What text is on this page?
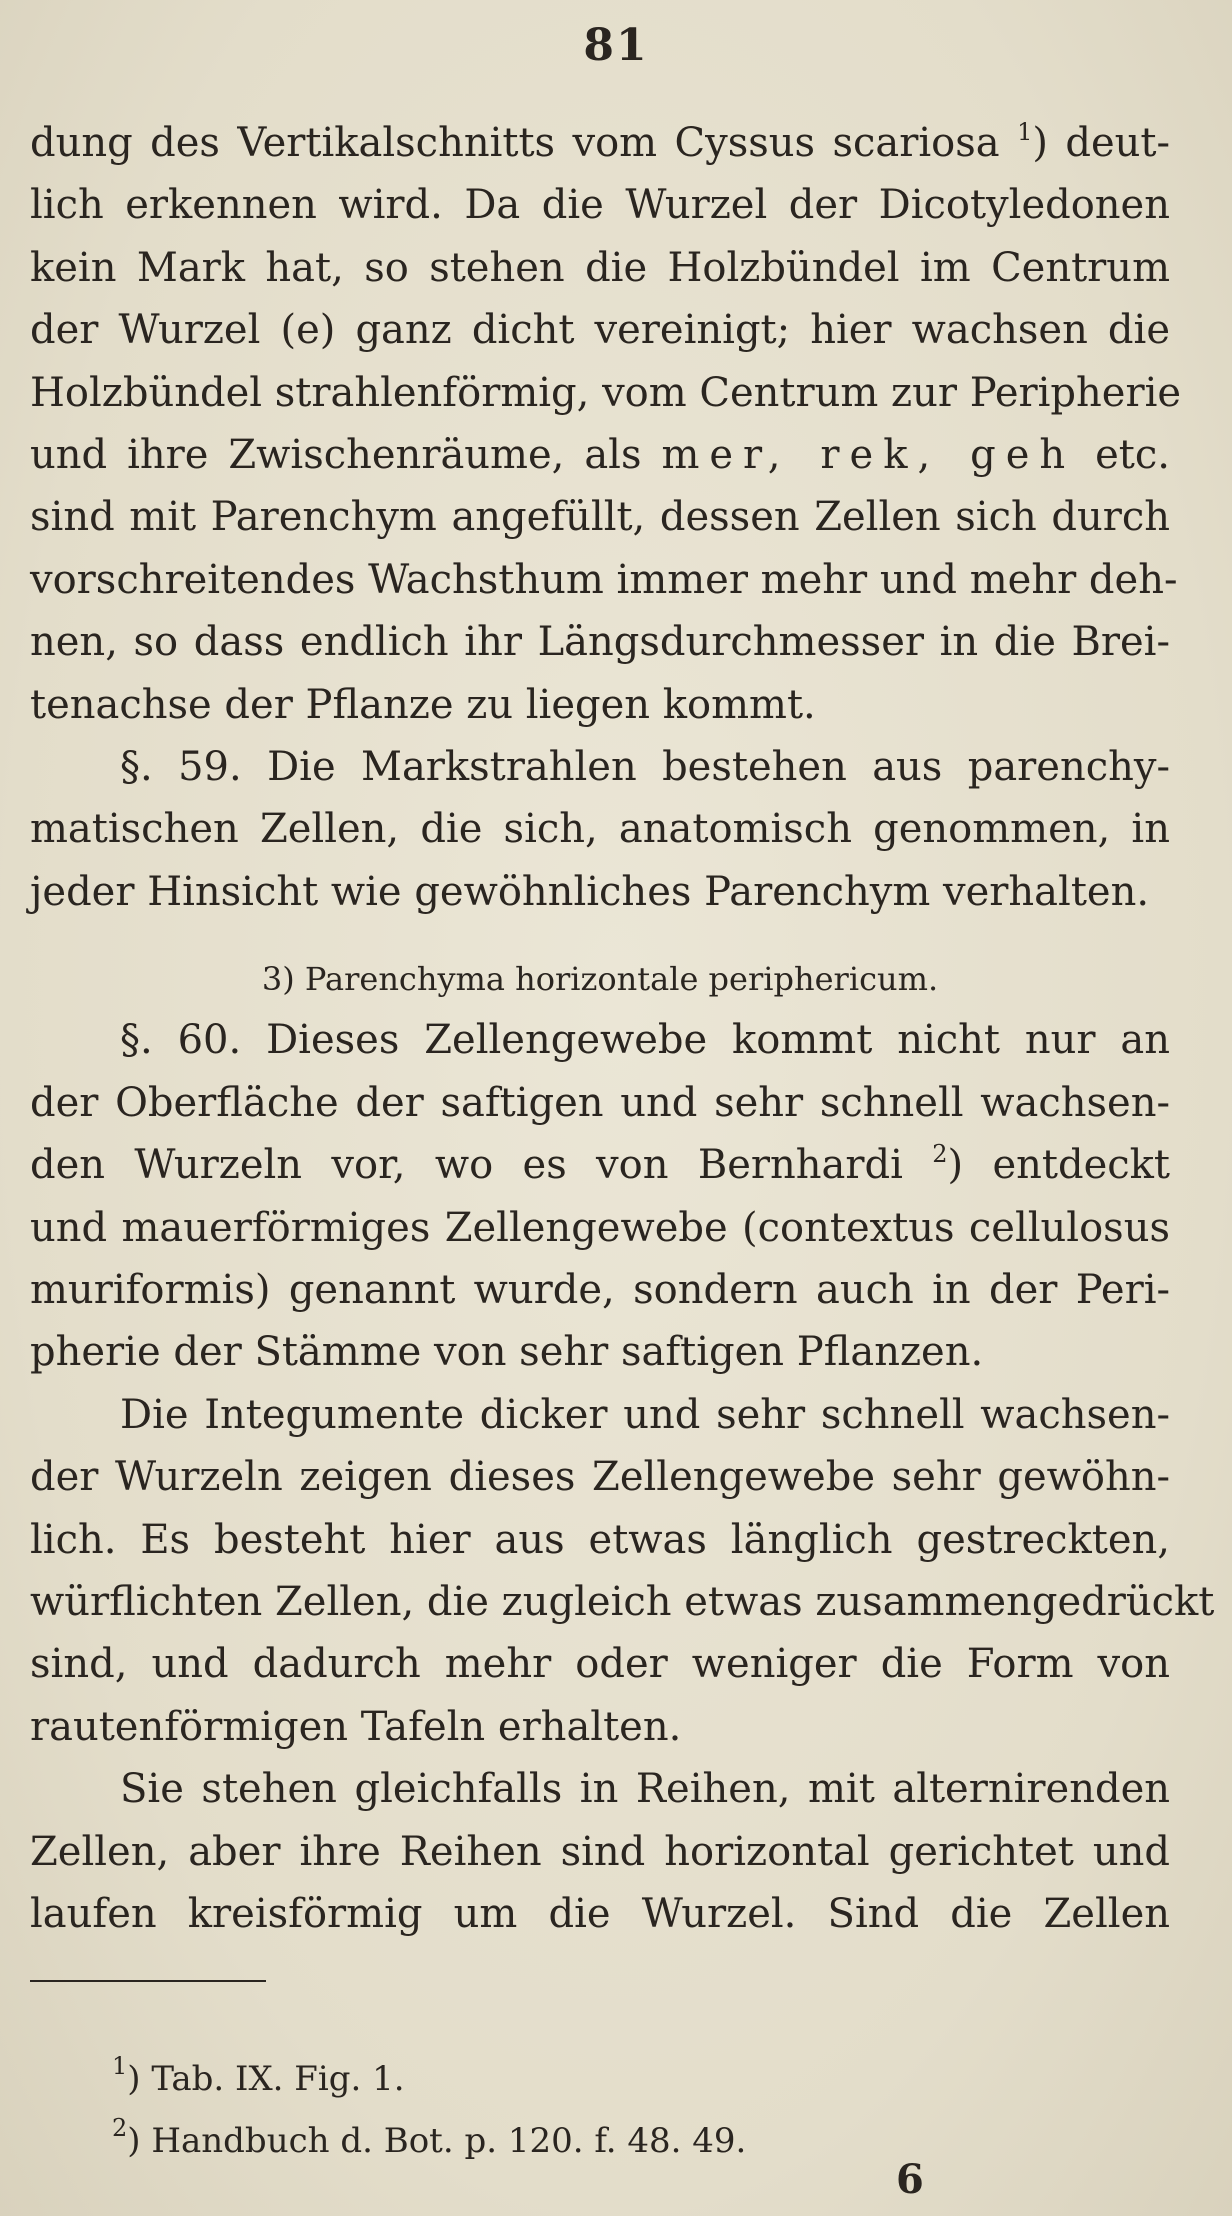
81
dung des Vertikalschnitts vom Cyssus scariosa $^1$) deut-
lich erkennen wird. Da die Wurzel der Dicotyledonen
kein Mark hat, so stehen die Holzbündel im Centrum
der Wurzel (e) ganz dicht vereinigt; hier wachsen die
Holzbündel strahlenförmig, vom Centrum zur Peripherie
und ihre Zwischenräume, als mer, rek, geh etc.
sind mit Parenchym angefüllt, dessen Zellen sich durch
vorschreitendes Wachsthum immer mehr und mehr deh-
nen, so dass endlich ihr Längsdurchmesser in die Brei-
tenachse der Pflanze zu liegen kommt.
§. 59. Die Markstrahlen bestehen aus parenchy-
matischen Zellen, die sich, anatomisch genommen, in
jeder Hinsicht wie gewöhnliches Parenchym verhalten.
3) Parenchyma horizontale periphericum.
§. 60. Dieses Zellengewebe kommt nicht nur an
der Oberfläche der saftigen und sehr schnell wachsen-
den Wurzeln vor, wo es von Bernhardi $^2$) entdeckt
und mauerförmiges Zellengewebe (contextus cellulosus
muriformis) genannt wurde, sondern auch in der Peri-
pherie der Stämme von sehr saftigen Pflanzen.
Die Integumente dicker und sehr schnell wachsen-
der Wurzeln zeigen dieses Zellengewebe sehr gewöhn-
lich. Es besteht hier aus etwas länglich gestreckten,
würflichten Zellen, die zugleich etwas zusammengedrückt
sind, und dadurch mehr oder weniger die Form von
rautenförmigen Tafeln erhalten.
Sie stehen gleichfalls in Reihen, mit alternirenden
Zellen, aber ihre Reihen sind horizontal gerichtet und
laufen kreisförmig um die Wurzel. Sind die Zellen
$^1$) Tab. IX. Fig. 1.
$^2$) Handbuch d. Bot. p. 120. f. 48. 49.
6
